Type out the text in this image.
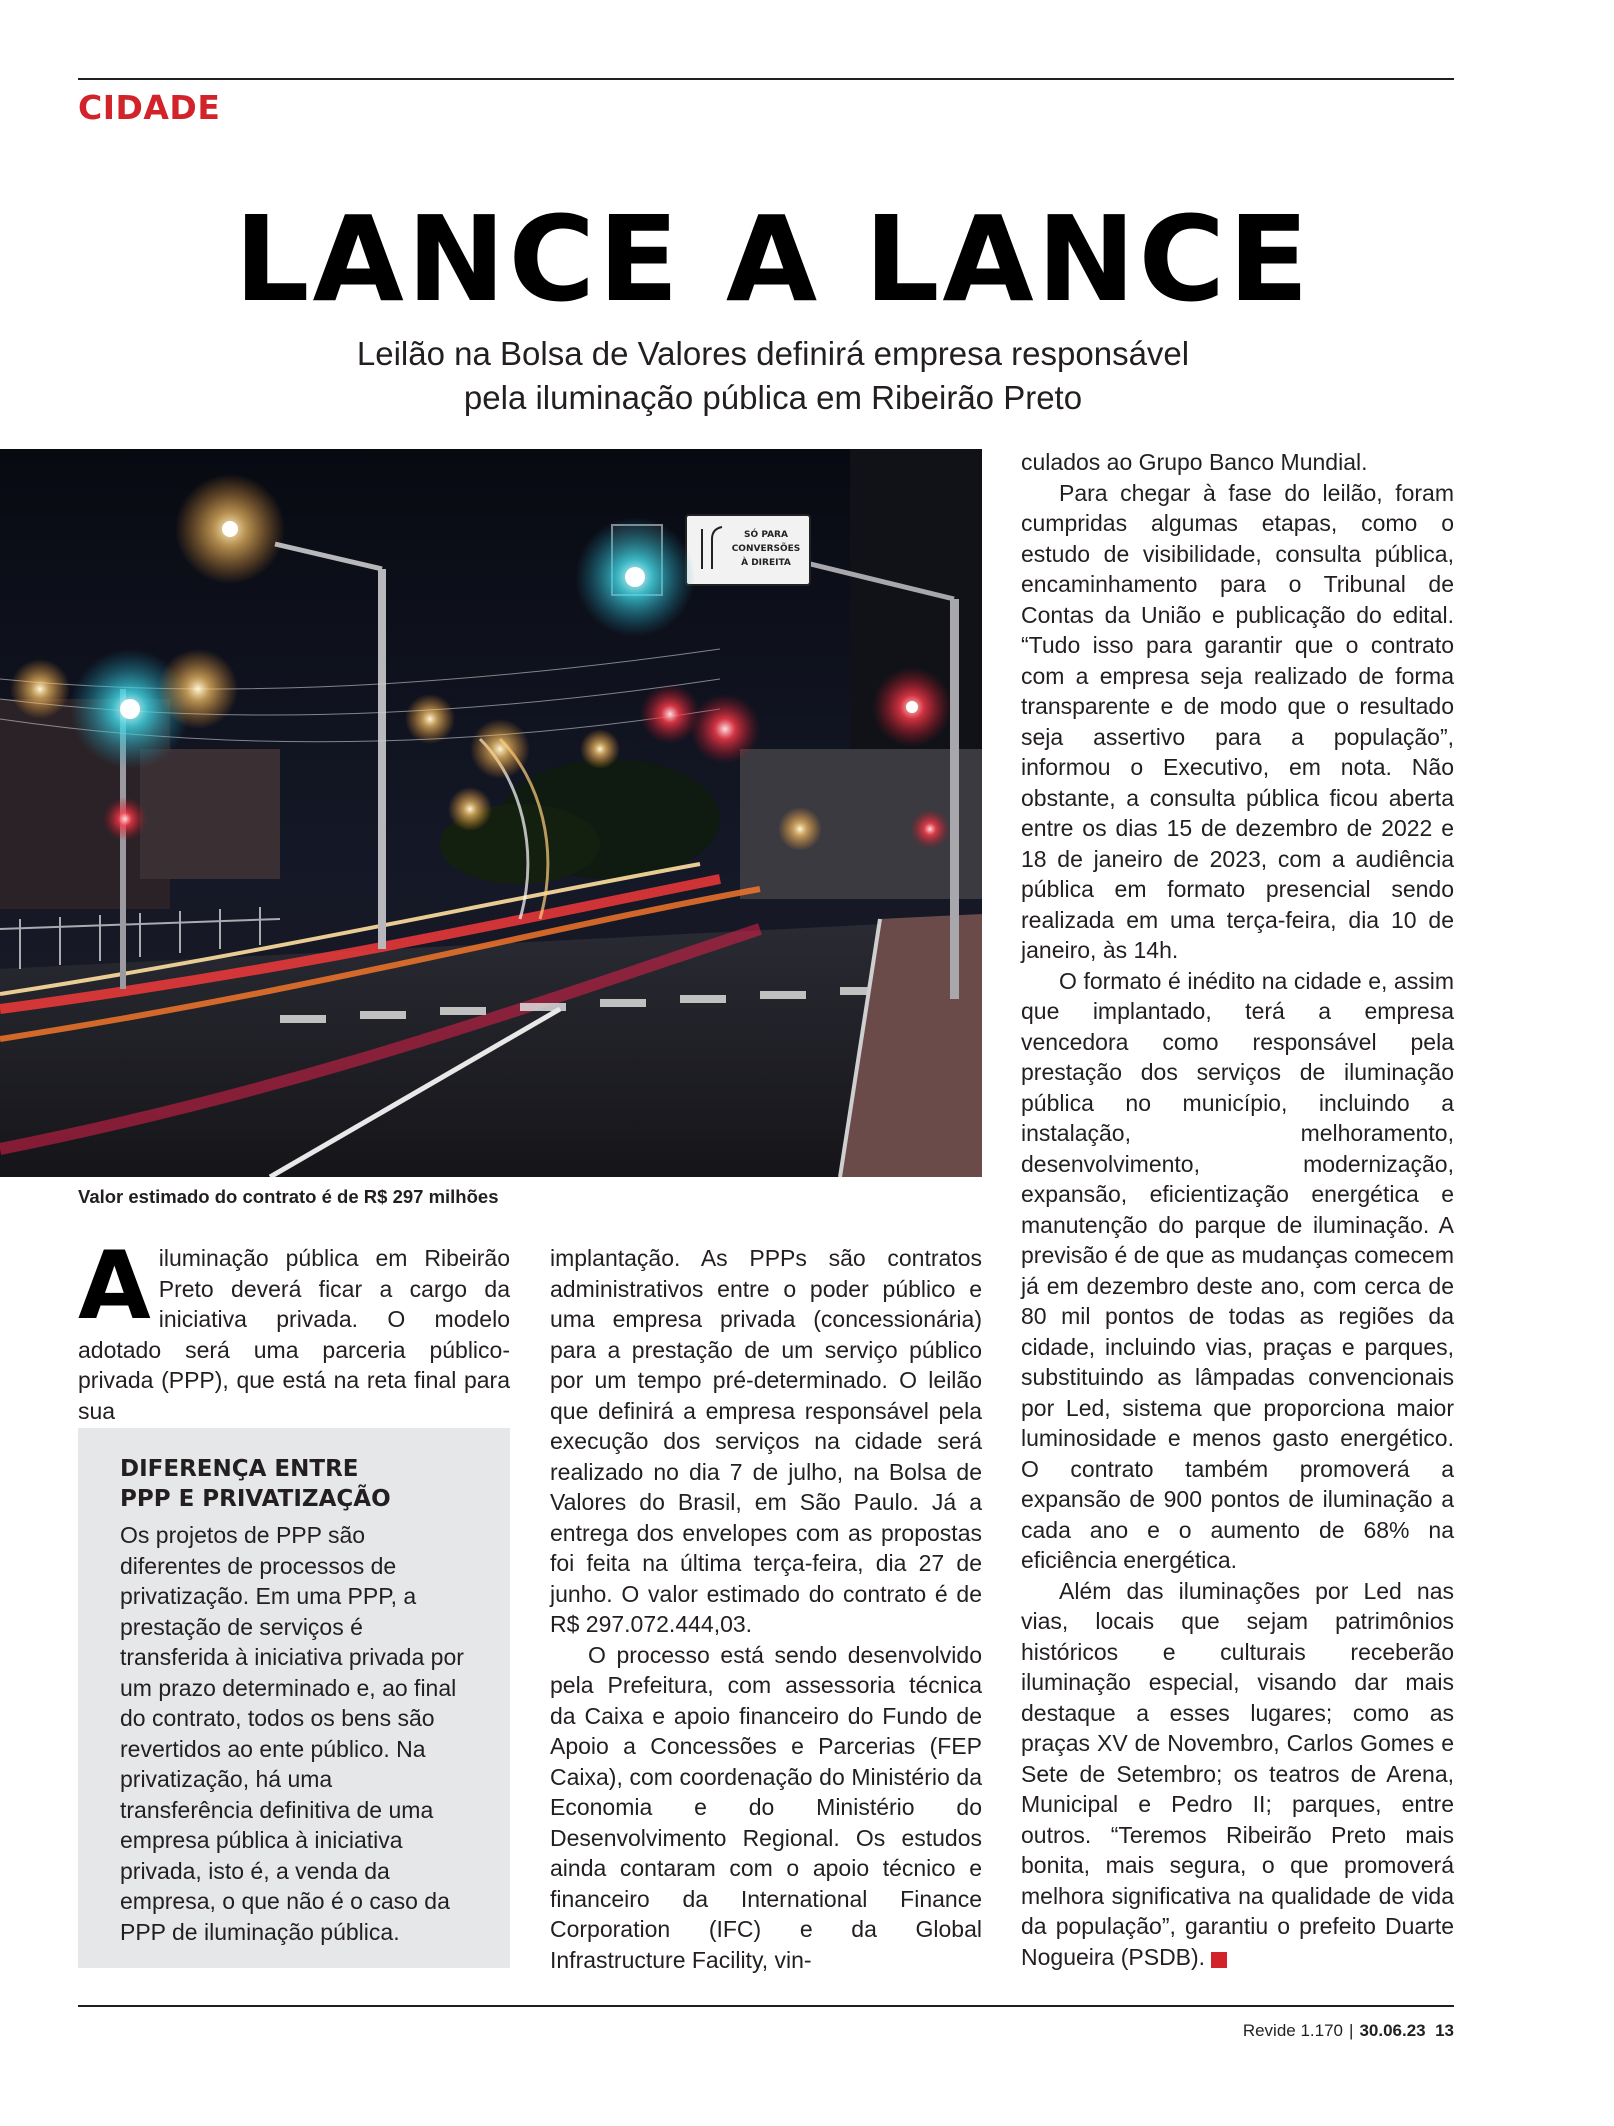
CIDADE
LANCE A LANCE
Leilão na Bolsa de Valores definirá empresa responsável
pela iluminação pública em Ribeirão Preto
SÓ PARA
CONVERSÕES
À DIREITA
Valor estimado do contrato é de R$ 297 milhões

Ailuminação pública em Ribeirão Preto deverá ficar a cargo da iniciativa privada. O modelo adotado será uma parceria público-privada (PPP), que está na reta final para sua

DIFERENÇA ENTRE
PPP E PRIVATIZAÇÃO
Os projetos de PPP são diferentes de processos de privatização. Em uma PPP, a prestação de serviços é transferida à iniciativa privada por um prazo determinado e, ao final do contrato, todos os bens são revertidos ao ente público. Na privatização, há uma transferência definitiva de uma empresa pública à iniciativa privada, isto é, a venda da empresa, o que não é o caso da PPP de iluminação pública.

implantação. As PPPs são contratos administrativos entre o poder público e uma empresa privada (concessionária) para a prestação de um serviço público por um tempo pré-determinado. O leilão que definirá a empresa responsável pela execução dos serviços na cidade será realizado no dia 7 de julho, na Bolsa de Valores do Brasil, em São Paulo. Já a entrega dos envelopes com as propostas foi feita na última terça-feira, dia 27 de junho. O valor estimado do contrato é de R$ 297.072.444,03.

O processo está sendo desenvolvido pela Prefeitura, com assessoria técnica da Caixa e apoio financeiro do Fundo de Apoio a Concessões e Parcerias (FEP Caixa), com coordenação do Ministério da Economia e do Ministério do Desenvolvimento Regional. Os estudos ainda contaram com o apoio técnico e financeiro da International Finance Corporation (IFC) e da Global Infrastructure Facility, vin-

culados ao Grupo Banco Mundial.

Para chegar à fase do leilão, foram cumpridas algumas etapas, como o estudo de visibilidade, consulta pública, encaminhamento para o Tribunal de Contas da União e publicação do edital. “Tudo isso para garantir que o contrato com a empresa seja realizado de forma transparente e de modo que o resultado seja assertivo para a população”, informou o Executivo, em nota. Não obstante, a consulta pública ficou aberta entre os dias 15 de dezembro de 2022 e 18 de janeiro de 2023, com a audiência pública em formato presencial sendo realizada em uma terça-feira, dia 10 de janeiro, às 14h.

O formato é inédito na cidade e, assim que implantado, terá a empresa vencedora como responsável pela prestação dos serviços de iluminação pública no município, incluindo a instalação, melhoramento, desenvolvimento, modernização, expansão, eficientização energética e manutenção do parque de iluminação. A previsão é de que as mudanças comecem já em dezembro deste ano, com cerca de 80 mil pontos de todas as regiões da cidade, incluindo vias, praças e parques, substituindo as lâmpadas convencionais por Led, sistema que proporciona maior luminosidade e menos gasto energético. O contrato também promoverá a expansão de 900 pontos de iluminação a cada ano e o aumento de 68% na eficiência energética.

Além das iluminações por Led nas vias, locais que sejam patrimônios históricos e culturais receberão iluminação especial, visando dar mais destaque a esses lugares; como as praças XV de Novembro, Carlos Gomes e Sete de Setembro; os teatros de Arena, Municipal e Pedro II; parques, entre outros. “Teremos Ribeirão Preto mais bonita, mais segura, o que promoverá melhora significativa na qualidade de vida da população”, garantiu o prefeito Duarte Nogueira (PSDB).	R

Revide 1.170 | 30.06.23 13
